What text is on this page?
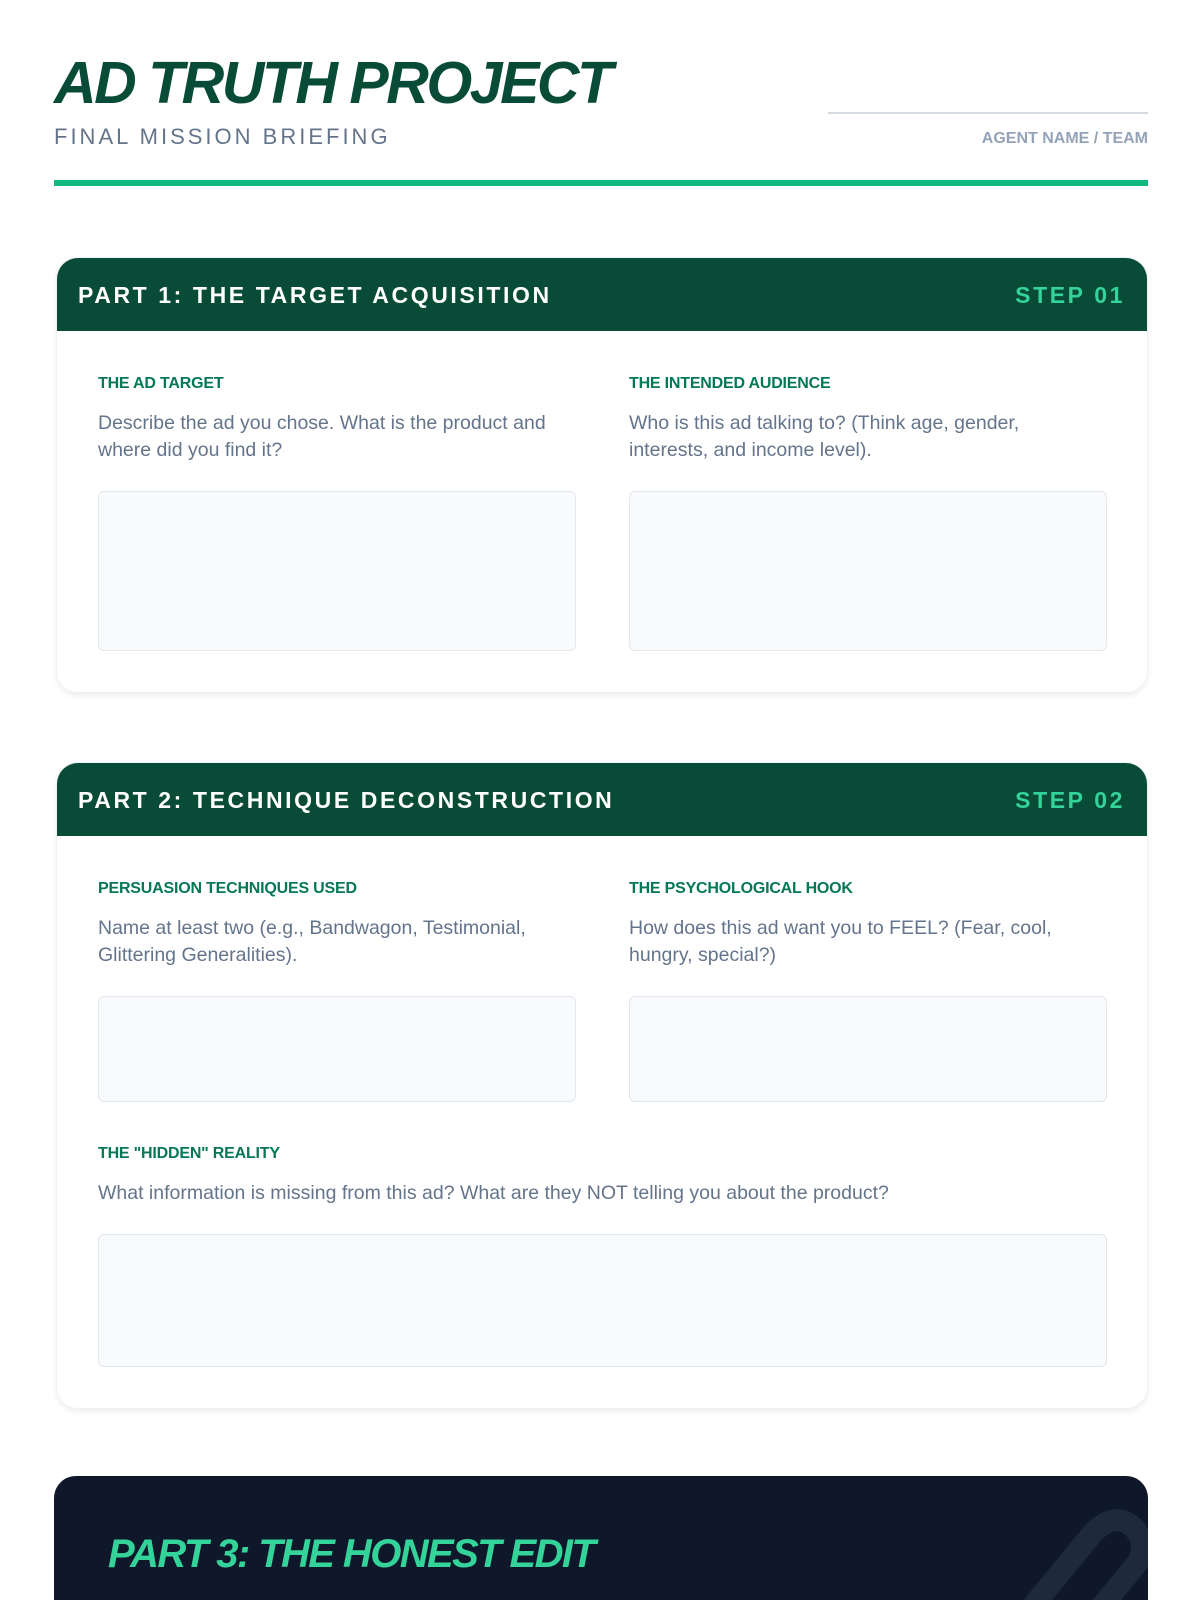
AD TRUTH PROJECT
FINAL MISSION BRIEFING	AGENT NAME / TEAM
PART 1: THE TARGET ACQUISITION	STEP 01
THE AD TARGET

Describe the ad you chose. What is the product and where did you find it?

THE INTENDED AUDIENCE

Who is this ad talking to? (Think age, gender, interests, and income level).

PART 2: TECHNIQUE DECONSTRUCTION	STEP 02
PERSUASION TECHNIQUES USED

Name at least two (e.g., Bandwagon, Testimonial, Glittering Generalities).

THE PSYCHOLOGICAL HOOK

How does this ad want you to FEEL? (Fear, cool, hungry, special?)

THE "HIDDEN" REALITY

What information is missing from this ad? What are they NOT telling you about the product?

PART 3: THE HONEST EDIT
